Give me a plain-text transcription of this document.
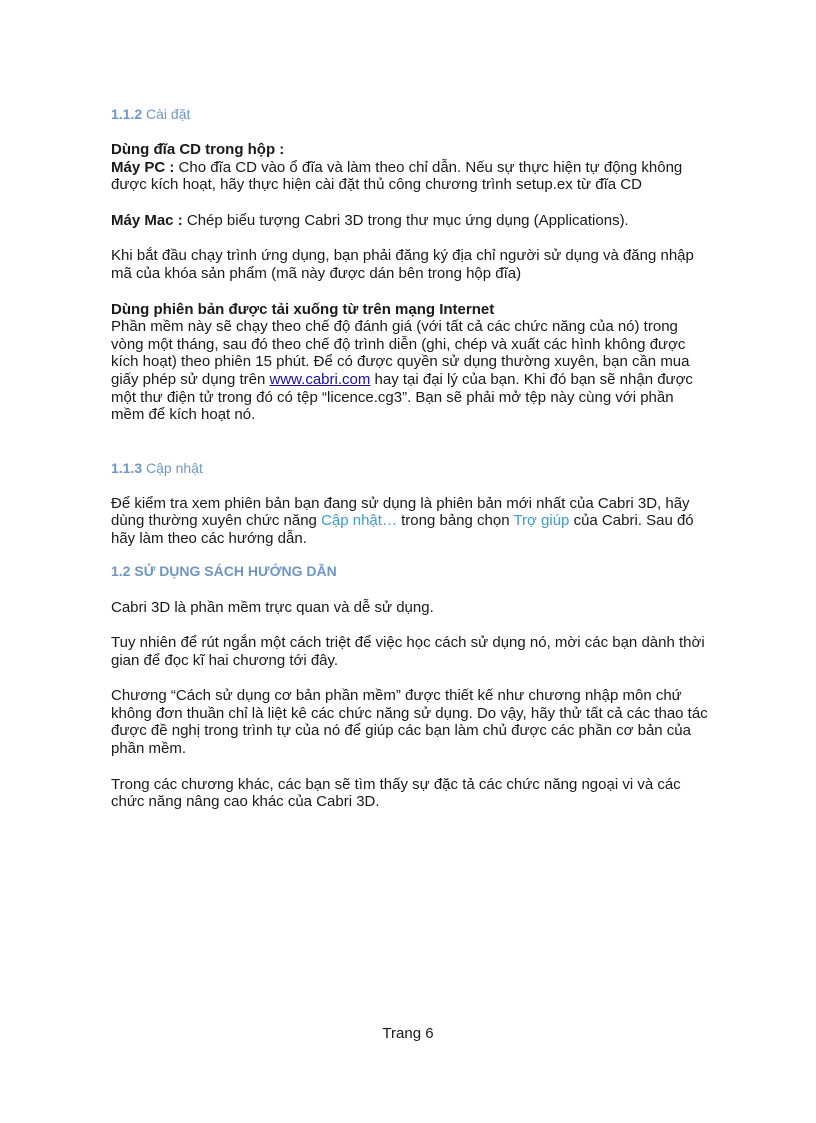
1.1.2 Cài đặt

Dùng đĩa CD trong hộp :

Máy PC : Cho đĩa CD vào ổ đĩa và làm theo chỉ dẫn. Nếu sự thực hiện tự động không được kích hoạt, hãy thực hiện cài đặt thủ công chương trình setup.ex từ đĩa CD

Máy Mac : Chép biểu tượng Cabri 3D trong thư mục ứng dụng (Applications).

Khi bắt đầu chạy trình ứng dụng, bạn phải đăng ký địa chỉ người sử dụng và đăng nhập mã của khóa sản phẩm (mã này được dán bên trong hộp đĩa)

Dùng phiên bản được tải xuống từ trên mạng Internet

Phần mềm này sẽ chạy theo chế độ đánh giá (với tất cả các chức năng của nó) trong vòng một tháng, sau đó theo chế độ trình diễn (ghi, chép và xuất các hình không được kích hoạt) theo phiên 15 phút. Để có được quyền sử dụng thường xuyên, bạn cần mua giấy phép sử dụng trên www.cabri.com hay tại đại lý của bạn. Khi đó bạn sẽ nhận được một thư điện tử trong đó có tệp “licence.cg3”. Bạn sẽ phải mở tệp này cùng với phần mềm để kích hoạt nó.

1.1.3 Cập nhật

Để kiểm tra xem phiên bản bạn đang sử dụng là phiên bản mới nhất của Cabri 3D, hãy dùng thường xuyên chức năng Cập nhật… trong bảng chọn Trợ giúp của Cabri. Sau đó hãy làm theo các hướng dẫn.

1.2 SỬ DỤNG SÁCH HƯỚNG DẪN

Cabri 3D là phần mềm trực quan và dễ sử dụng.

Tuy nhiên để rút ngắn một cách triệt để việc học cách sử dụng nó, mời các bạn dành thời gian để đọc kĩ hai chương tới đây.

Chương “Cách sử dụng cơ bản phần mềm” được thiết kế như chương nhập môn chứ không đơn thuần chỉ là liệt kê các chức năng sử dụng. Do vậy, hãy thử tất cả các thao tác được đề nghị trong trình tự của nó để giúp các bạn làm chủ được các phần cơ bản của phần mềm.

Trong các chương khác, các bạn sẽ tìm thấy sự đặc tả các chức năng ngoại vi và các chức năng nâng cao khác của Cabri 3D.

Trang 6
